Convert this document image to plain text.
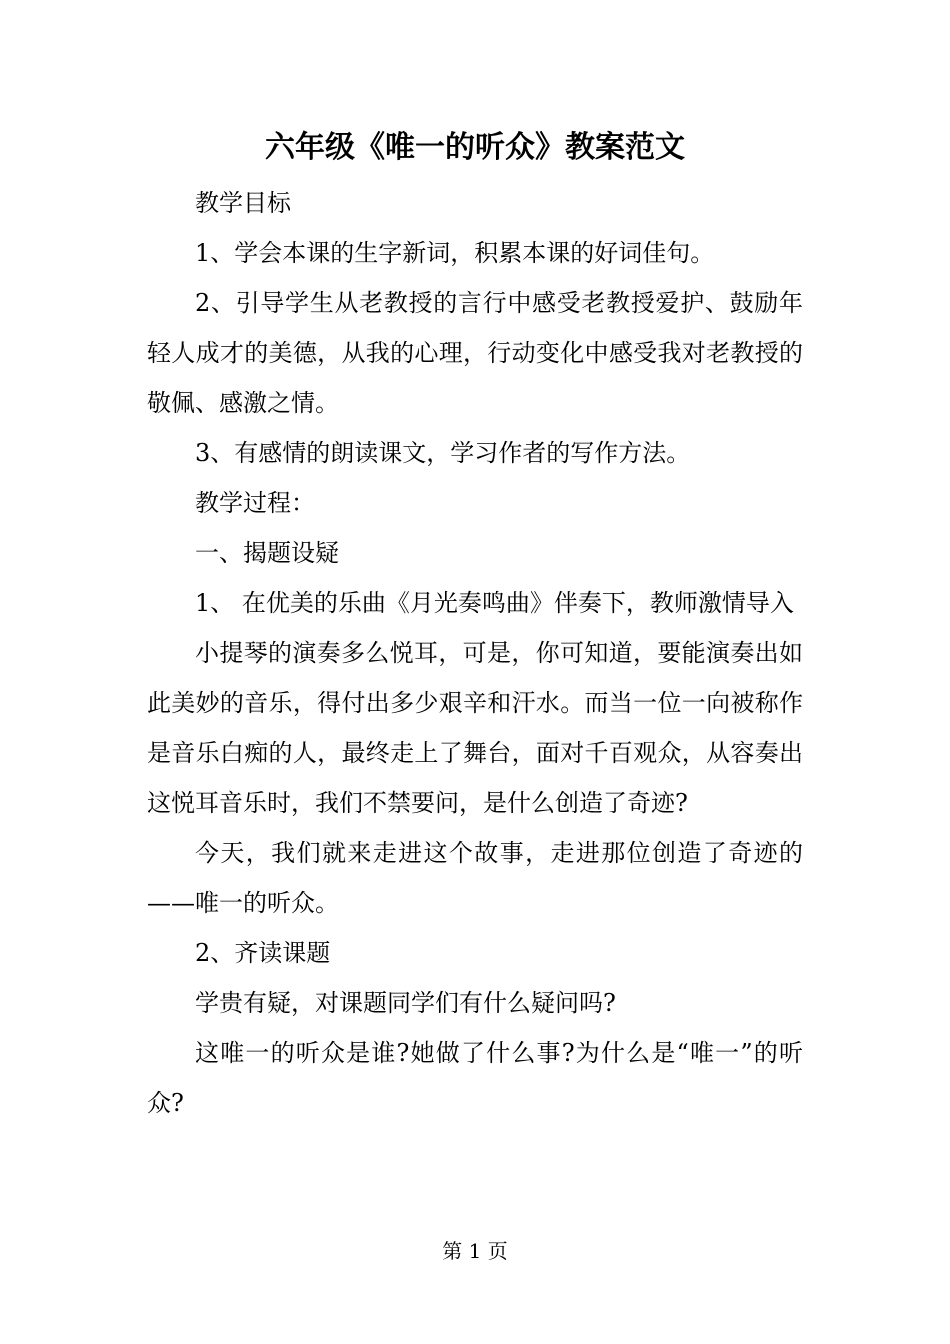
六年级《唯一的听众》教案范文

教学目标

1、学会本课的生字新词，积累本课的好词佳句。

2、引导学生从老教授的言行中感受老教授爱护、鼓励年轻人成才的美德，从我的心理，行动变化中感受我对老教授的敬佩、感激之情。

3、有感情的朗读课文，学习作者的写作方法。

教学过程：

一、揭题设疑

1、 在优美的乐曲《月光奏鸣曲》伴奏下，教师激情导入

小提琴的演奏多么悦耳，可是，你可知道，要能演奏出如此美妙的音乐，得付出多少艰辛和汗水。而当一位一向被称作是音乐白痴的人，最终走上了舞台，面对千百观众，从容奏出这悦耳音乐时，我们不禁要问，是什么创造了奇迹?

今天，我们就来走进这个故事，走进那位创造了奇迹的——唯一的听众。

2、齐读课题

学贵有疑，对课题同学们有什么疑问吗?

这唯一的听众是谁?她做了什么事?为什么是“唯一”的听众?

第 1 页
